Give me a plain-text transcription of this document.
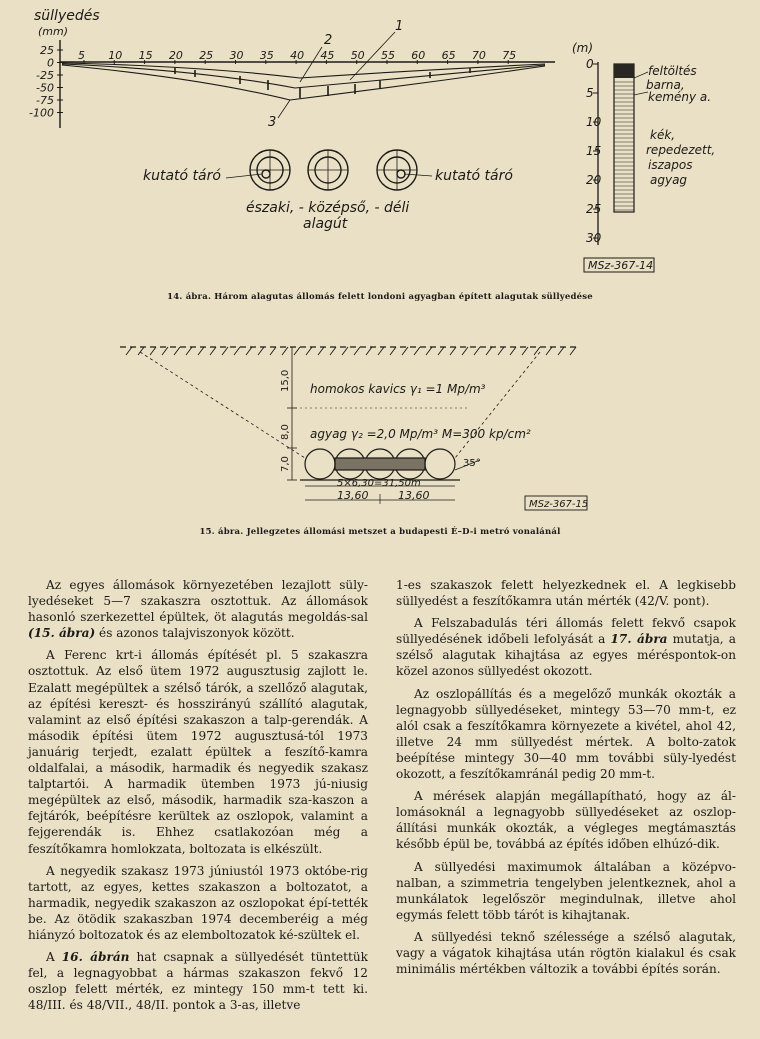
süllyedés
(mm)
25
0
-25
-50
-75
-100
5 10 15 20 25 30 35 40 45 50 55 60 65 70 75
1
2
3
kutató tárό	kutató tárό
északi, - középső, - déli
alagút
(m)
0
5
10
15
20
25
30
feltöltés
barna,
kemény a.
kék,
repedezett,
iszapos
agyag
MSz-367-14
14. ábra. Három alagutas állomás felett londoni agyagban épített alagutak süllyedése
15,0
8,0
7,0
homokos kavics γ₁ =1 Mp/m³
agyag γ₂ =2,0 Mp/m³ M=300 kp/cm²
35°
5×6,30=31,50m
13,60	13,60
MSz-367-15
15. ábra. Jellegzetes állomási metszet a budapesti É–D-i metró vonalánál

Az egyes állomások környezetében lezajlott süly-lyedéseket 5—7 szakaszra osztottuk. Az állomások hasonló szerkezettel épültek, öt alagutás megoldás-sal (15. ábra) és azonos talajviszonyok között.

A Ferenc krt-i állomás építését pl. 5 szakaszra osztottuk. Az első ütem 1972 augusztusig zajlott le. Ezalatt megépültek a szélső tárók, a szellőző alagutak, az építési kereszt- és hosszirányú szállító alagutak, valamint az első építési szakaszon a talp-gerendák. A második építési ütem 1972 augusztusá-tól 1973 januárig terjedt, ezalatt épültek a feszítő-kamra oldalfalai, a második, harmadik és negyedik szakasz talptartói. A harmadik ütemben 1973 jú-niusig megépültek az első, második, harmadik sza-kaszon a fejtárók, beépítésre kerültek az oszlopok, valamint a fejgerendák is. Ehhez csatlakozóan még a feszítőkamra homlokzata, boltozata is elkészült.

A negyedik szakasz 1973 júniustól 1973 októbe-rig tartott, az egyes, kettes szakaszon a boltozatot, a harmadik, negyedik szakaszon az oszlopokat épí-tették be. Az ötödik szakaszban 1974 decemberéig a még hiányzó boltozatok és az elemboltozatok ké-szültek el.

A 16. ábrán hat csapnak a süllyedését tüntettük fel, a legnagyobbat a hármas szakaszon fekvő 12 oszlop felett mérték, ez mintegy 150 mm-t tett ki. 48/III. és 48/VII., 48/II. pontok a 3-as, illetve

1-es szakaszok felett helyezkednek el. A legkisebb süllyedést a feszítőkamra után mérték (42/V. pont).

A Felszabadulás téri állomás felett fekvő csapok süllyedésének időbeli lefolyását a 17. ábra mutatja, a szélső alagutak kihajtása az egyes méréspontok-on közel azonos süllyedést okozott.

Az oszlopállítás és a megelőző munkák okozták a legnagyobb süllyedéseket, mintegy 53—70 mm-t, ez alól csak a feszítőkamra környezete a kivétel, ahol 42, illetve 24 mm süllyedést mértek. A bolto-zatok beépítése mintegy 30—40 mm további süly-lyedést okozott, a feszítőkamránál pedig 20 mm-t.

A mérések alapján megállapítható, hogy az ál-lomásoknál a legnagyobb süllyedéseket az oszlop-állítási munkák okozták, a végleges megtámasztás később épül be, továbbá az építés időben elhúzó-dik.

A süllyedési maximumok általában a középvo-nalban, a szimmetria tengelyben jelentkeznek, ahol a munkálatok legelőször megindulnak, illetve ahol egymás felett több tárót is kihajtanak.

A süllyedési teknő szélessége a szélső alagutak, vagy a vágatok kihajtása után rögtön kialakul és csak minimális mértékben változik a további építés során.
